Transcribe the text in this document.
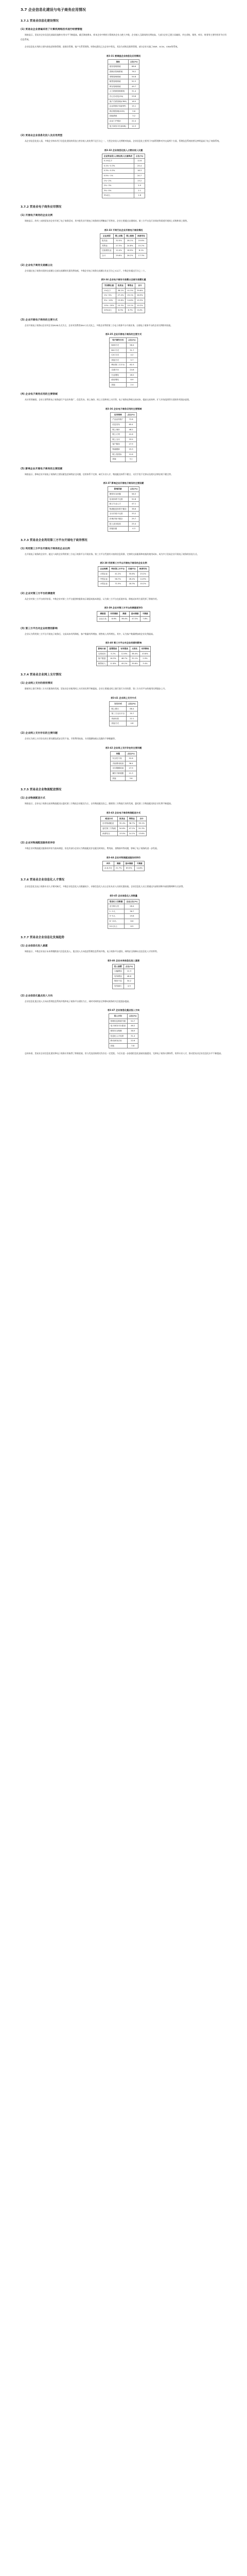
3.7 企业信息化建设与电子商务应用情况
3.7.1 贸易业信息化建设情况
(1) 贸易业企业普遍采用了计算机网络技术进行经营管理

调查显示，贸易业企业信息化基础设施和应用水平不断提高。截至调查期末，样本企业中拥有计算机的企业占绝大多数，企业接入互联网的比例较高，大部分企业已建立局域网，并在采购、销售、库存、财务等主要经营环节应用信息系统。

企业信息化应用的主要内容包括财务管理、进销存管理、客户关系管理等。财务电算化已在企业中普及，其次为采购及销售管理，部分企业实施了ERP、SCM、CRM等系统。

表3-31 被调查企业信息化应用情况
指标	占比(%)
财务管理系统	88.6
进销存管理系统	76.2
采购管理系统	54.8
销售管理系统	52.3
库存管理系统	49.7
人力资源管理系统	31.4
办公自动化(OA)	29.8
客户关系管理(CRM)	18.5
企业资源计划(ERP)	15.1
供应链管理(SCM)	9.6
其他系统	3.2
企业门户网站	22.4
电子商务平台(B2B)	12.3
(2) 贸易业企业信息化投入及应用类型

从企业信息化投入看，多数企业每年用于信息化建设的资金占营业收入的比例不足百分之一，大型企业投入比例相对较高。企业信息化主要用于内部管理和对外交易两个方面，管理信息系统的普及率明显高于电子商务系统。

表3-32 企业信息化投入占营业收入比重
企业资金投入占营业收入比重构成	占比(%)
0.1%以下	12.6
0.1%~0.3%	25.4
0.3%~0.5%	18.3
0.5%~1%	20.7
1%~2%	13.2
2%~3%	5.9
3%~5%	2.1
5%以上	1.8
3.7.2 贸易业电子商务应用情况
(1) 开展电子商务的企业比例

调查显示，约有三成的贸易业企业开展了电子商务活动，其中批发业开展电子商务的比例略高于零售业。企业主要通过自建网站、第三方平台及行业网站等渠道开展网上采购和网上销售。

表3-33 不同行业企业开展电子商务情况
企业类型	网上采购	网上销售	两者均有
批发业	32.5%	28.1%	19.6%
零售业	27.3%	24.8%	15.2%
住宿餐饮业	12.4%	18.9%	8.1%
合计	29.6%	26.2%	17.3%
(2) 企业电子商务交易额占比

企业通过电子商务实现的交易额占全部交易额的比重仍然较低，多数企业电子商务交易额占比在百分之五以下，少数企业超过百分之二十。

表3-34 企业电子商务交易额占全部交易额比重
交易额比重	批发业	零售业	合计
1%以下	38.2%	41.5%	39.6%
1%~5%	27.4%	25.1%	26.5%
5%~10%	15.8%	14.6%	15.3%
10%~20%	10.3%	10.1%	10.2%
20%以上	8.3%	8.7%	8.4%
(3) 企业开展电子商务的主要方式

企业开展电子商务以企业对企业(B2B)方式为主，企业对消费者(B2C)方式次之。多数企业利用第三方电子商务平台开展业务，自建电子商务平台的企业比例相对较低。

表3-35 企业开展电子商务的主要方式
电子商务方式	占比(%)
B2B方式	58.4
B2C方式	31.7
C2C方式	4.2
其他方式	5.7
利用第三方平台	62.3
自建平台	24.6
行业网站	18.2
政府网站	6.9
其他	2.4
(4) 企业电子商务应用的主要领域

从应用领域看，企业主要利用电子商务进行产品宣传推广、信息发布、网上询价、网上订货和网上支付等。电子商务在降低交易成本、提高交易效率、扩大市场范围等方面的作用逐步显现。

表3-36 企业电子商务应用的主要领域
应用领域	占比(%)
产品宣传推广	72.8
信息发布	65.4
网上询价	48.2
网上订货	41.6
网上支付	33.5
客户服务	27.9
物流跟踪	19.3
网上招投标	12.6
其他	3.1
(5) 影响企业开展电子商务的主要因素

调查显示，影响企业开展电子商务的主要因素包括网络安全问题、信用体系不完善、缺乏专业人才、物流配送体系不健全、支付手段不完善以及相关法律法规不健全等。

表3-37 影响企业开展电子商务的主要因素
影响因素	占比(%)
网络安全问题	56.3
信用体系不完善	52.8
缺乏专业人才	47.1
物流配送体系不健全	38.6
支付手段不完善	33.2
法律法规不健全	29.7
投入成本较高	25.4
其他因素	4.3
3.7.3 贸易业企业利用第三方平台开展电子商务情况
(1) 利用第三方平台开展电子商务的企业比例

在开展电子商务的企业中，超过六成的企业利用第三方电子商务平台开展业务。第三方平台凭借其丰富的信息资源、完善的交易服务和较低的使用成本，成为中小贸易企业开展电子商务的首选方式。

表3-38 利用第三方平台开展电子商务的企业比例
企业规模	利用第三方平台	自建平台	两者均有
大型企业	41.2%	35.6%	23.2%
中型企业	58.7%	26.4%	14.9%
小型企业	71.5%	18.3%	10.2%
(2) 企业对第三方平台的满意度

从企业对第三方平台的评价看，多数企业对第三方平台提供的服务表示满意或基本满意，认为第三方平台在拓展市场、降低成本等方面发挥了积极作用。

表3-39 企业对第三方平台的满意度评价
满意度	非常满意	满意	基本满意	不满意
企业占比	8.6%	36.4%	47.2%	7.8%
(3) 第三方平台对企业经营的影响

企业认为利用第三方平台开展电子商务后，交易成本有所降低，客户数量有所增加，销售收入有所增长。其中，认为客户数量增加的企业比例最高。

表3-40 第三方平台对企业经营的影响
影响方面	显著提高	有所提高	无变化	有所降低
交易成本	5.2%	12.6%	38.4%	43.8%
客户数量	16.3%	48.7%	32.1%	2.9%
销售收入	11.8%	45.2%	39.6%	3.4%
3.7.4 贸易业企业网上支付情况
(1) 企业网上支付的使用情况

随着网上银行和第三方支付服务的发展，贸易业企业使用网上支付的比例不断提高。企业主要通过网上银行进行支付结算，第三方支付平台的使用比例逐步上升。

表3-41 企业网上支付方式
支付方式	占比(%)
网上银行	68.4
第三方支付平台	35.7
货到付款	22.1
其他方式	4.8
(2) 企业网上支付存在的主要问题

企业认为网上支付存在的主要问题包括安全性不高、手续费用较高、支付限额较低以及操作不够便捷等。

表3-42 企业网上支付存在的主要问题
问题	占比(%)
安全性不高	52.6
手续费用较高	38.4
支付限额较低	27.9
操作不够便捷	21.3
其他	3.6
3.7.5 贸易业企业物流配送情况
(1) 企业物流配送方式

调查显示，企业电子商务交易的物流配送以委托第三方物流企业配送为主，自有物流配送次之。随着第三方物流行业的发展，委托第三方物流配送的企业比例不断提高。

表3-43 企业电子商务物流配送方式
配送方式	批发业	零售业	合计
自有物流配送	32.4%	38.7%	35.1%
委托第三方物流	54.6%	47.2%	51.3%
两者结合	13.0%	14.1%	13.6%
(2) 企业对物流配送服务的评价

多数企业对物流配送服务的评价为基本满意，但也有部分企业认为物流配送存在配送时间长、费用高、货物损坏等问题，影响了电子商务的进一步发展。

表3-44 企业对物流配送服务的评价
评价	满意	基本满意	不满意
企业占比	21.7%	63.5%	14.8%
3.7.6 贸易业企业信息化人才情况

企业信息化及电子商务专业人才相对缺乏，多数企业信息化人员数量较少，专职信息化人员占企业从业人员的比重较低。企业信息化人员主要通过内部培训和外部招聘两种方式获得。

表3-45 企业信息化人员数量
信息化人员数量	企业占比(%)
无专职人员	28.4
1~2人	36.7
3~5人	19.8
6~10人	8.6
10人以上	6.5
3.7.7 贸易业企业信息化发展趋势
(1) 企业信息化投入意愿

调查显示，多数企业表示未来将继续加大信息化投入，重点投入方向包括管理信息系统升级、电子商务平台建设、网络安全保障以及信息化人才培养等。

表3-46 企业未来信息化投入意愿
投入意愿	占比(%)
大幅增加	12.3
有所增加	48.6
保持不变	34.2
有所减少	4.9
(2) 企业信息化重点投入方向

企业信息化重点投入方向以管理信息系统升级和电子商务平台建设为主，同时对网络安全和移动商务的关注度逐步提高。

表3-47 企业信息化重点投入方向
投入方向	占比(%)
管理信息系统升级	54.7
电子商务平台建设	46.2
网络安全保障	38.9
信息化人才培养	31.4
移动商务应用	22.6
其他	3.8

总体来看，贸易业企业信息化建设和电子商务应用取得了积极进展，但与发达国家相比仍存在一定差距。今后应进一步加强信息化基础设施建设，完善电子商务支撑体系，培养专业人才，推动贸易业企业信息化水平不断提高。
